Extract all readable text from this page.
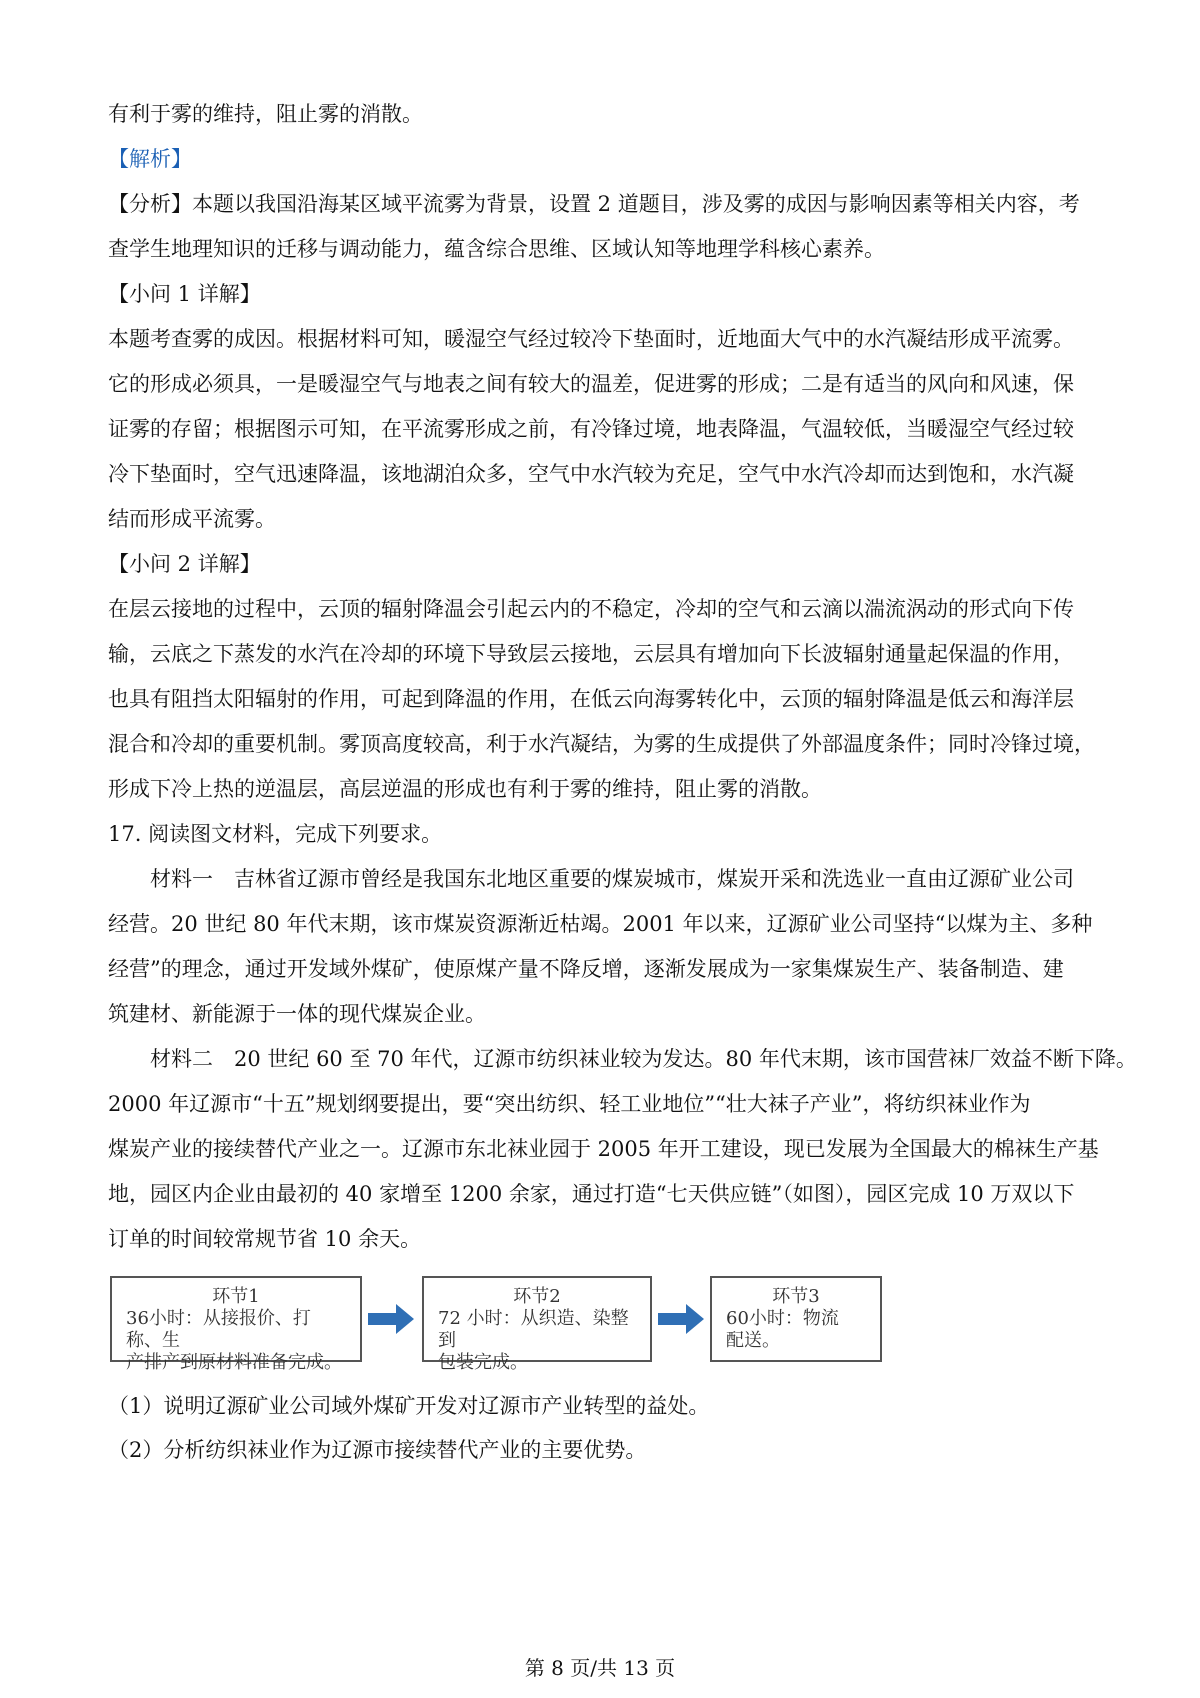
有利于雾的维持，阻止雾的消散。

【解析】

【分析】本题以我国沿海某区域平流雾为背景，设置 2 道题目，涉及雾的成因与影响因素等相关内容，考

查学生地理知识的迁移与调动能力，蕴含综合思维、区域认知等地理学科核心素养。

【小问 1 详解】

本题考查雾的成因。根据材料可知，暖湿空气经过较冷下垫面时，近地面大气中的水汽凝结形成平流雾。

它的形成必须具，一是暖湿空气与地表之间有较大的温差，促进雾的形成；二是有适当的风向和风速，保

证雾的存留；根据图示可知，在平流雾形成之前，有冷锋过境，地表降温，气温较低，当暖湿空气经过较

冷下垫面时，空气迅速降温，该地湖泊众多，空气中水汽较为充足，空气中水汽冷却而达到饱和，水汽凝

结而形成平流雾。

【小问 2 详解】

在层云接地的过程中，云顶的辐射降温会引起云内的不稳定，冷却的空气和云滴以湍流涡动的形式向下传

输，云底之下蒸发的水汽在冷却的环境下导致层云接地，云层具有增加向下长波辐射通量起保温的作用，

也具有阻挡太阳辐射的作用，可起到降温的作用，在低云向海雾转化中，云顶的辐射降温是低云和海洋层

混合和冷却的重要机制。雾顶高度较高，利于水汽凝结，为雾的生成提供了外部温度条件；同时冷锋过境，

形成下冷上热的逆温层，高层逆温的形成也有利于雾的维持，阻止雾的消散。

17. 阅读图文材料，完成下列要求。

材料一　吉林省辽源市曾经是我国东北地区重要的煤炭城市，煤炭开采和洗选业一直由辽源矿业公司

经营。20 世纪 80 年代末期，该市煤炭资源渐近枯竭。2001 年以来，辽源矿业公司坚持“以煤为主、多种

经营”的理念，通过开发域外煤矿，使原煤产量不降反增，逐渐发展成为一家集煤炭生产、装备制造、建

筑建材、新能源于一体的现代煤炭企业。

材料二　20 世纪 60 至 70 年代，辽源市纺织袜业较为发达。80 年代末期，该市国营袜厂效益不断下降。

2000 年辽源市“十五”规划纲要提出，要“突出纺织、轻工业地位”“壮大袜子产业”，将纺织袜业作为

煤炭产业的接续替代产业之一。辽源市东北袜业园于 2005 年开工建设，现已发展为全国最大的棉袜生产基

地，园区内企业由最初的 40 家增至 1200 余家，通过打造“七天供应链”（如图），园区完成 10 万双以下

订单的时间较常规节省 10 余天。

环节1
36小时：从接报价、打称、生
产排产到原材料准备完成。
环节2
72 小时：从织造、染整到
包装完成。
环节3
60小时：物流
配送。

（1）说明辽源矿业公司域外煤矿开发对辽源市产业转型的益处。

（2）分析纺织袜业作为辽源市接续替代产业的主要优势。

第 8 页/共 13 页
